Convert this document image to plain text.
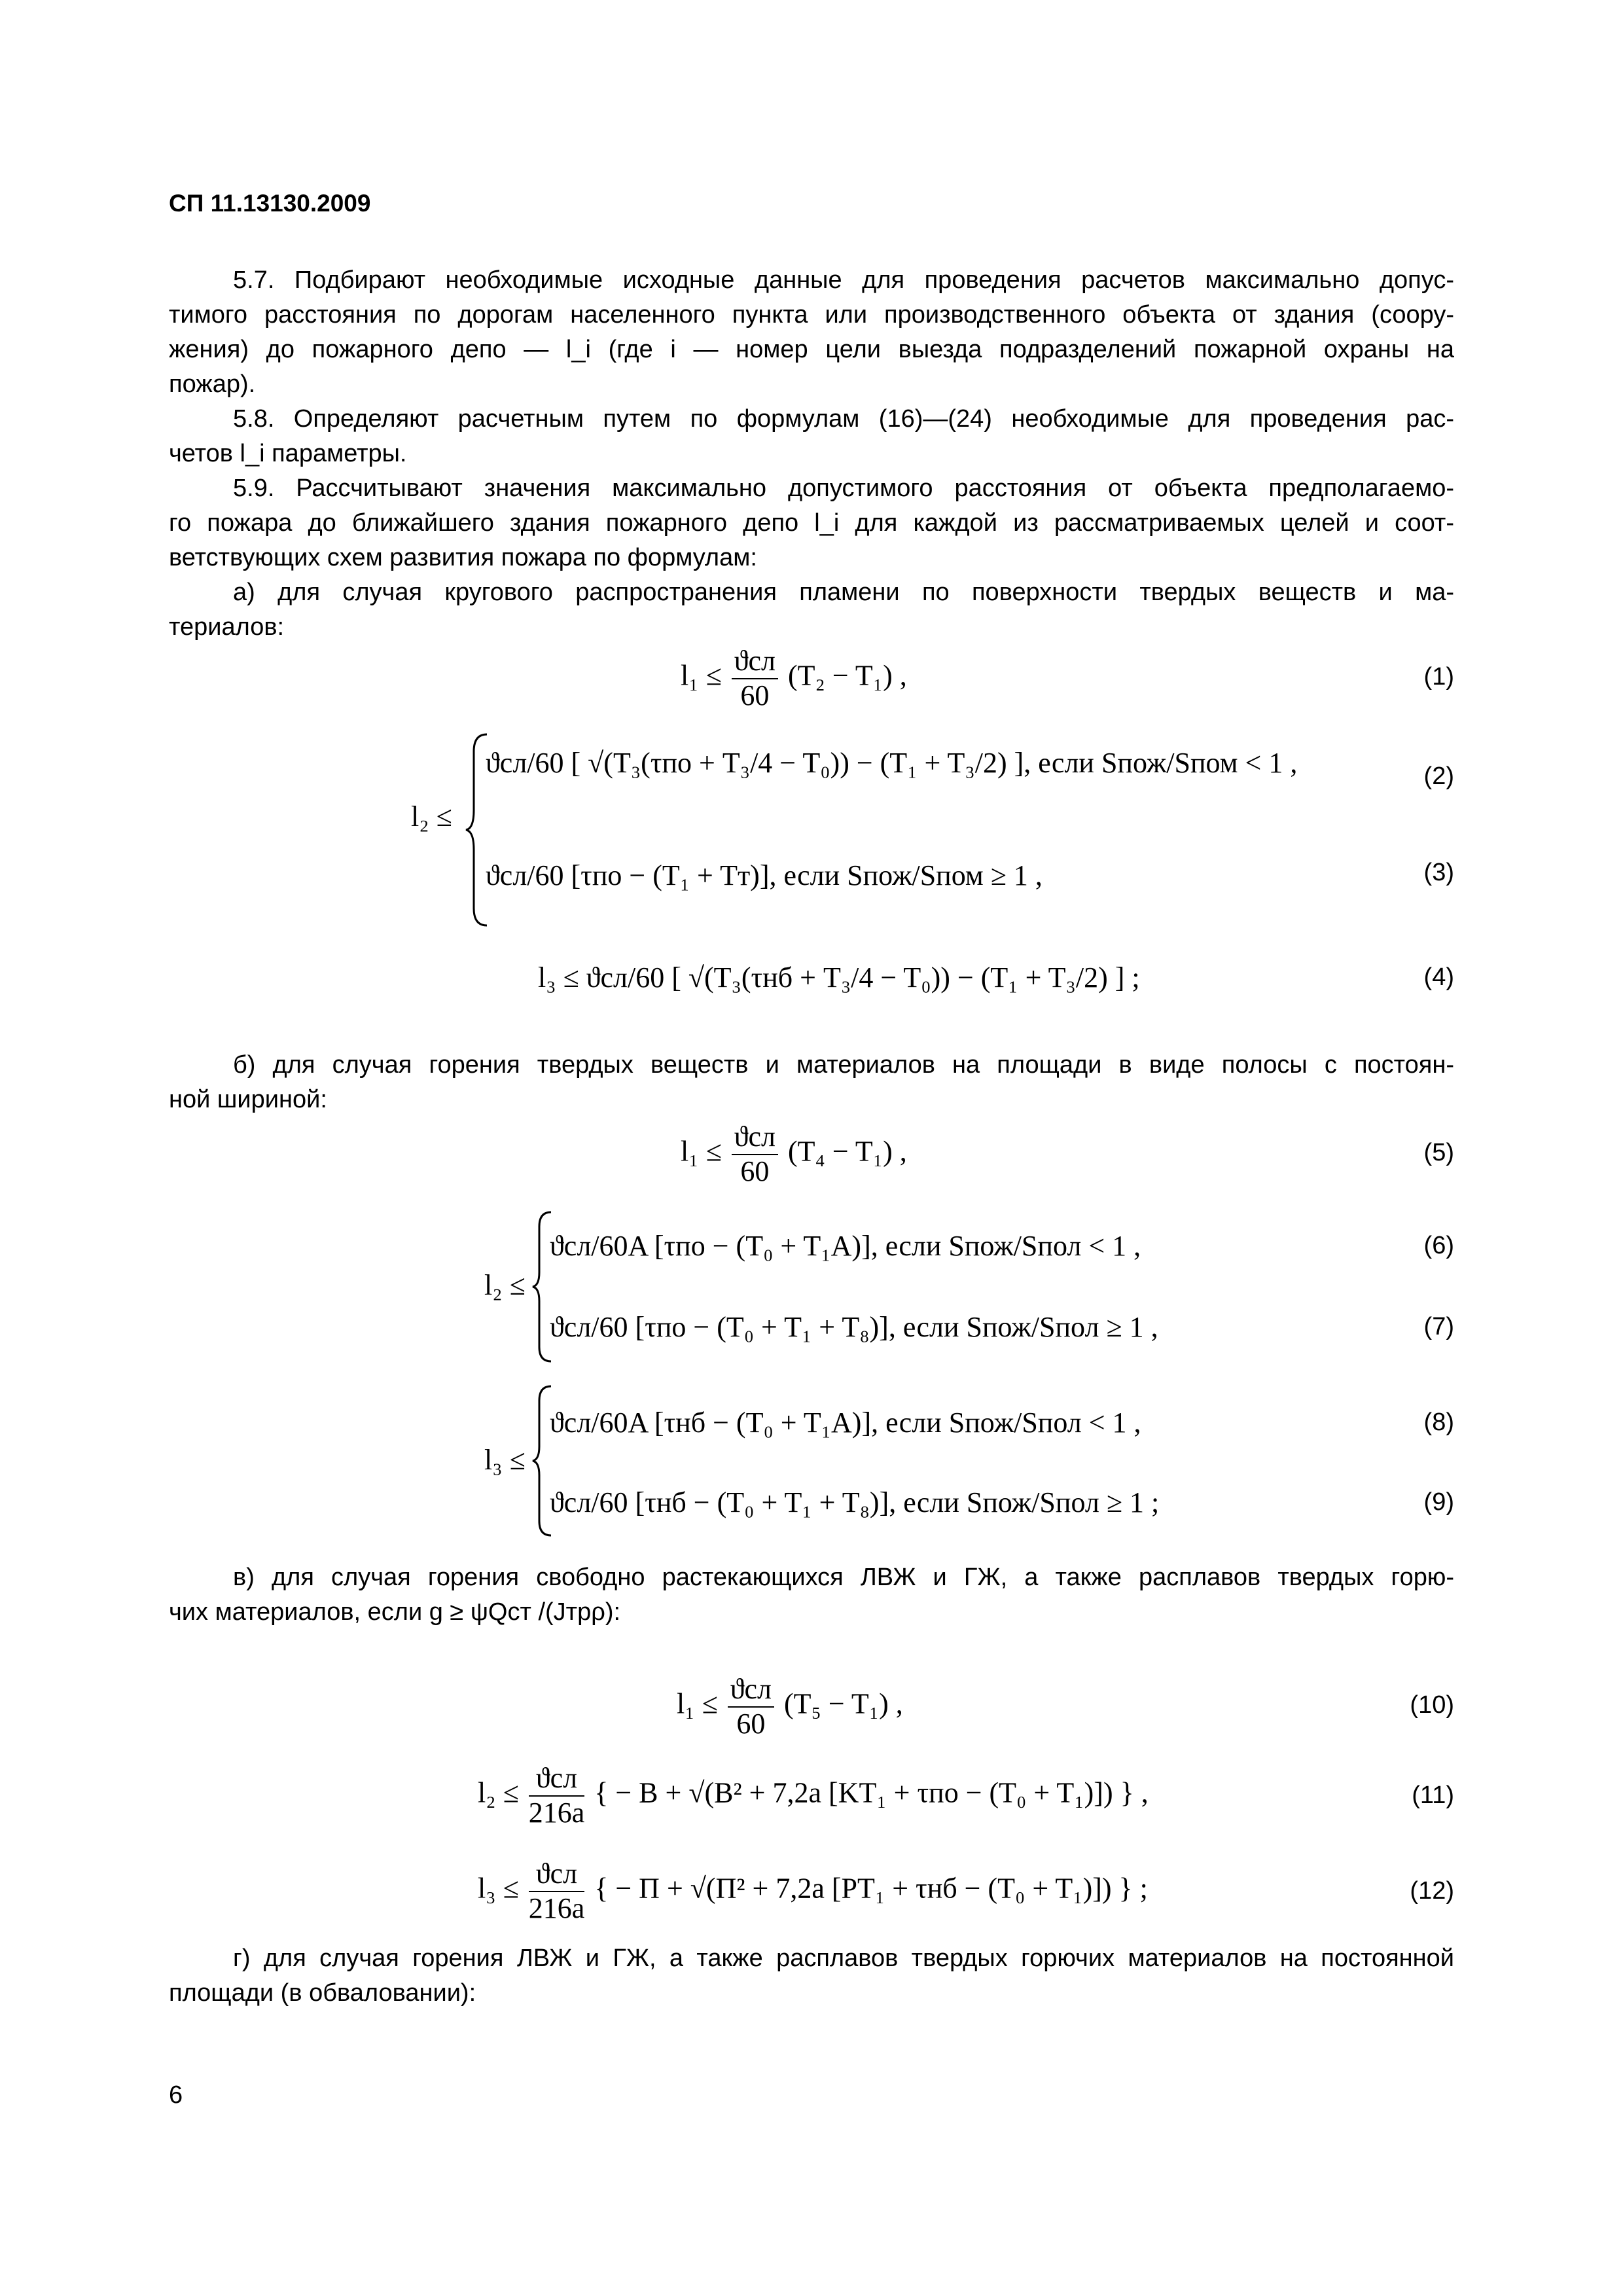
СП 11.13130.2009
5.7. Подбирают необходимые исходные данные для проведения расчетов максимально допус-
тимого расстояния по дорогам населенного пункта или производственного объекта от здания (соору-
жения) до пожарного депо — l_i (где i — номер цели выезда подразделений пожарной охраны на
пожар).
5.8. Определяют расчетным путем по формулам (16)—(24) необходимые для проведения рас-
четов l_i параметры.
5.9. Рассчитывают значения максимально допустимого расстояния от объекта предполагаемо-
го пожара до ближайшего здания пожарного депо l_i для каждой из рассматриваемых целей и соот-
ветствующих схем развития пожара по формулам:
а) для случая кругового распространения пламени по поверхности твердых веществ и ма-
териалов:
$l_1 \le \frac{\text{ϑсл}}{60} (T_2 - T_1)$ ,	(1)
l₂ ≤
ϑсл/60 [ √(T₃(τпо + T₃/4 − T₀)) − (T₁ + T₃/2) ], если Sпож/Sпом < 1 ,	(2)
ϑсл/60 [τпо − (T₁ + Tт)], если Sпож/Sпом ≥ 1 ,	(3)
l₃ ≤ ϑсл/60 [ √(T₃(τнб + T₃/4 − T₀)) − (T₁ + T₃/2) ] ;	(4)
б) для случая горения твердых веществ и материалов на площади в виде полосы с постоян-
ной шириной:
$l_1 \le \frac{\text{ϑсл}}{60} (T_4 - T_1)$ ,	(5)
l₂ ≤
ϑсл/60A [τпо − (T₀ + T₁A)], если Sпож/Sпол < 1 ,	(6)
ϑсл/60 [τпо − (T₀ + T₁ + T₈)], если Sпож/Sпол ≥ 1 ,	(7)
l₃ ≤
ϑсл/60A [τнб − (T₀ + T₁A)], если Sпож/Sпол < 1 ,	(8)
ϑсл/60 [τнб − (T₀ + T₁ + T₈)], если Sпож/Sпол ≥ 1 ;	(9)
в) для случая горения свободно растекающихся ЛВЖ и ГЖ, а также расплавов твердых горю-
чих материалов, если g ≥ ψQст /(Jтрρ):
$l_1 \le \frac{\text{ϑсл}}{60} (T_5 - T_1)$ ,	(10)
$l_2 \le \frac{\text{ϑсл}}{216a}$ { − B + √(B² + 7,2a [KT₁ + τпо − (T₀ + T₁)]) } ,	(11)
$l_3 \le \frac{\text{ϑсл}}{216a}$ { − П + √(П² + 7,2a [PT₁ + τнб − (T₀ + T₁)]) } ;	(12)
г) для случая горения ЛВЖ и ГЖ, а также расплавов твердых горючих материалов на постоянной
площади (в обваловании):
6
